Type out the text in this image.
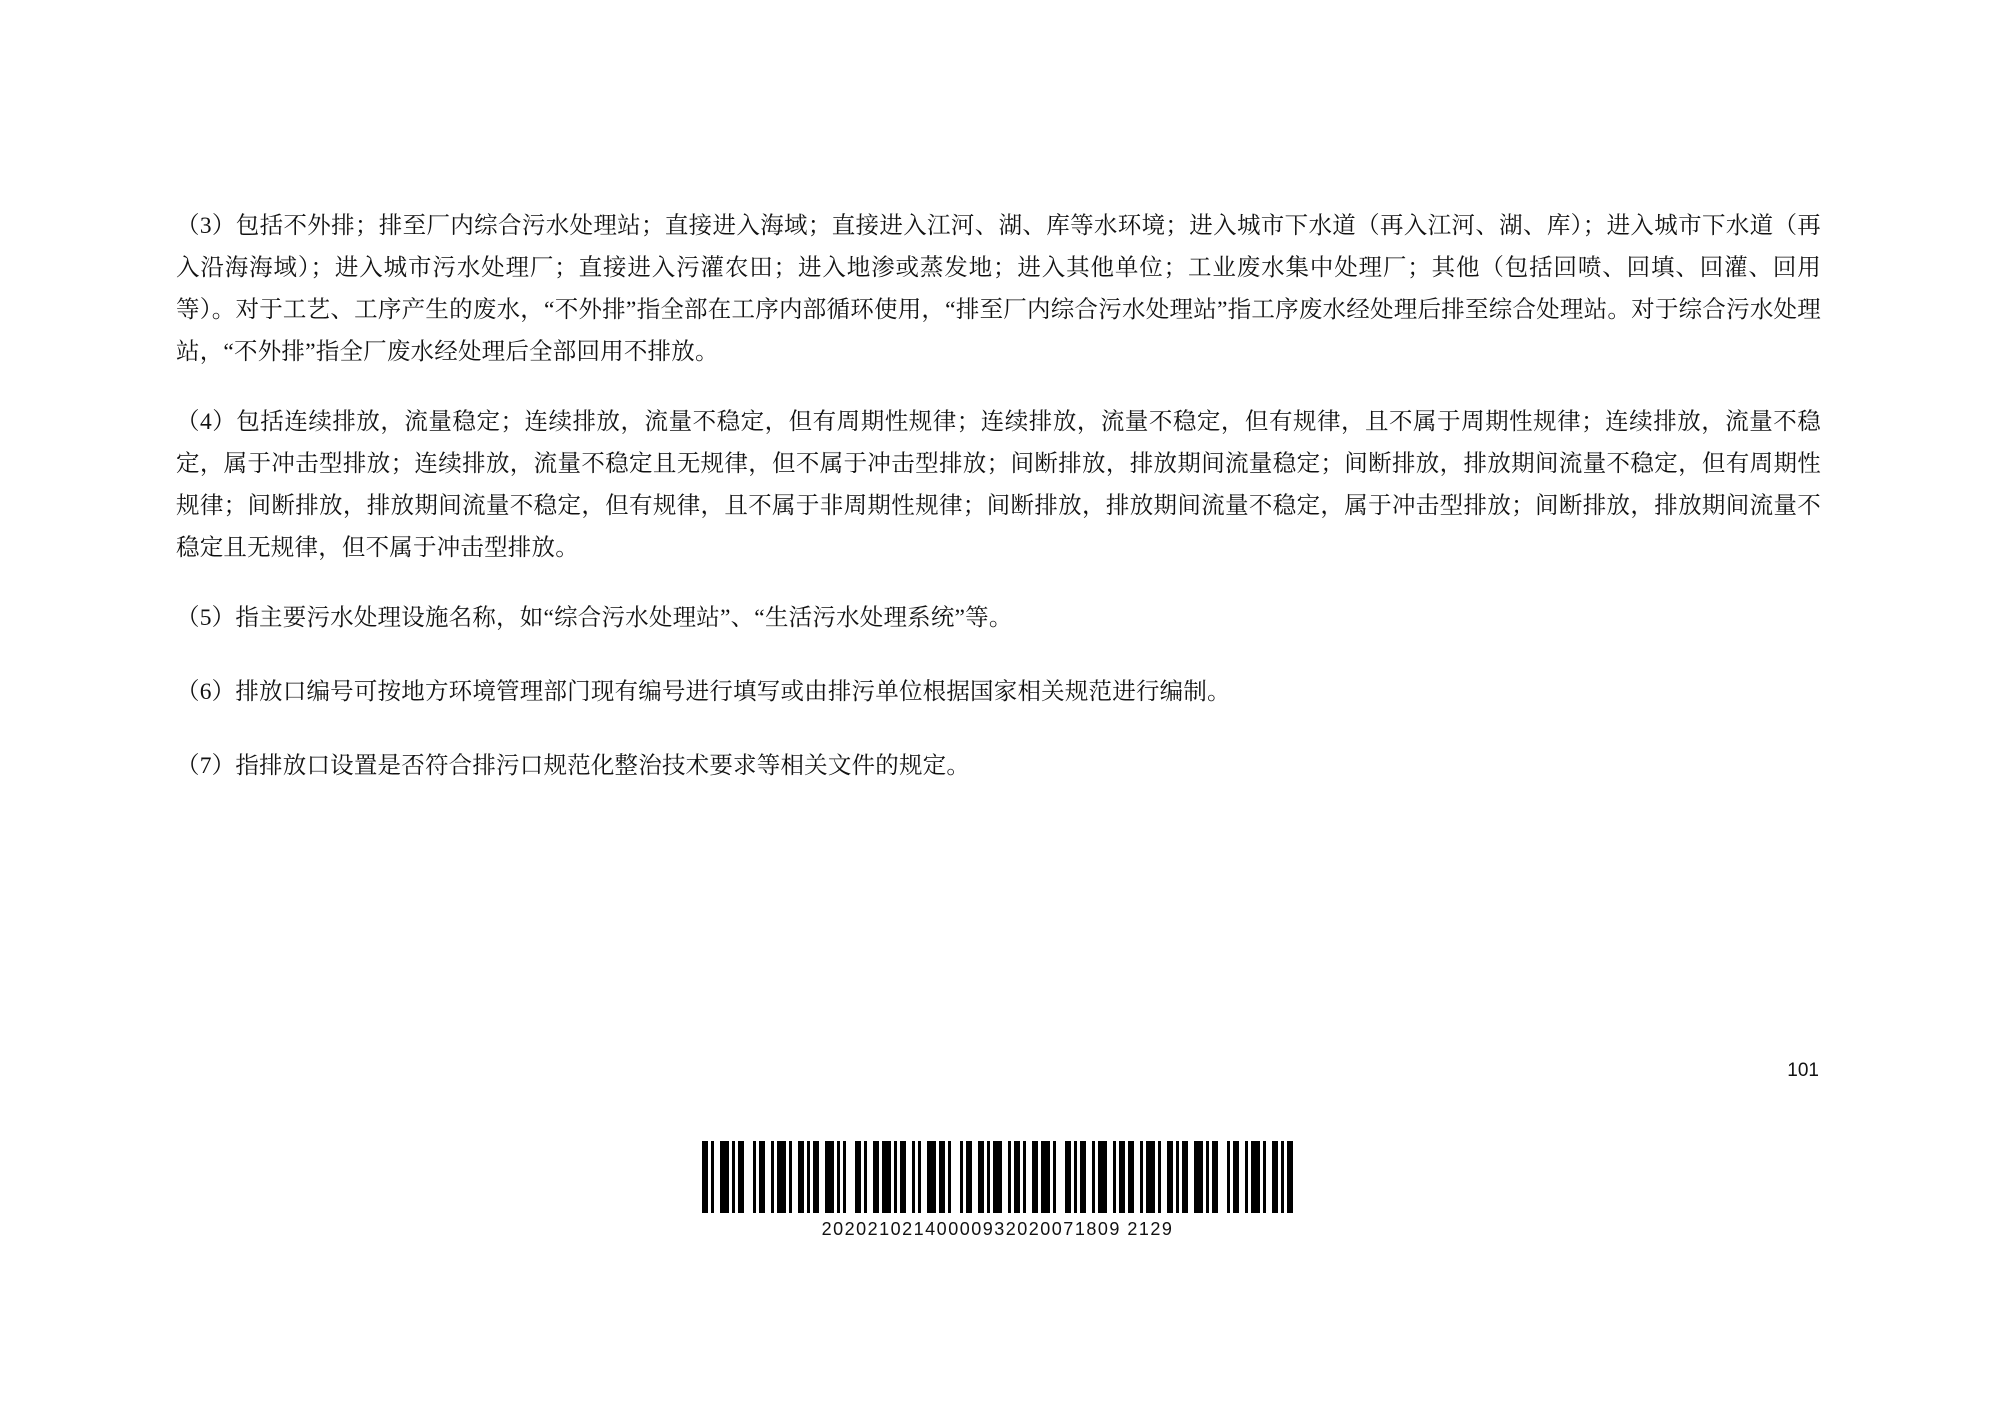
（3）包括不外排；排至厂内综合污水处理站；直接进入海域；直接进入江河、湖、库等水环境；进入城市下水道（再入江河、湖、库）；进入城市下水道（再入沿海海域）；进入城市污水处理厂；直接进入污灌农田；进入地渗或蒸发地；进入其他单位；工业废水集中处理厂；其他（包括回喷、回填、回灌、回用等）。对于工艺、工序产生的废水，“不外排”指全部在工序内部循环使用，“排至厂内综合污水处理站”指工序废水经处理后排至综合处理站。对于综合污水处理站，“不外排”指全厂废水经处理后全部回用不排放。

（4）包括连续排放，流量稳定；连续排放，流量不稳定，但有周期性规律；连续排放，流量不稳定，但有规律，且不属于周期性规律；连续排放，流量不稳定，属于冲击型排放；连续排放，流量不稳定且无规律，但不属于冲击型排放；间断排放，排放期间流量稳定；间断排放，排放期间流量不稳定，但有周期性规律；间断排放，排放期间流量不稳定，但有规律，且不属于非周期性规律；间断排放，排放期间流量不稳定，属于冲击型排放；间断排放，排放期间流量不稳定且无规律，但不属于冲击型排放。

（5）指主要污水处理设施名称，如“综合污水处理站”、“生活污水处理系统”等。

（6）排放口编号可按地方环境管理部门现有编号进行填写或由排污单位根据国家相关规范进行编制。

（7）指排放口设置是否符合排污口规范化整治技术要求等相关文件的规定。

101
20202102140000932020071809 2129
